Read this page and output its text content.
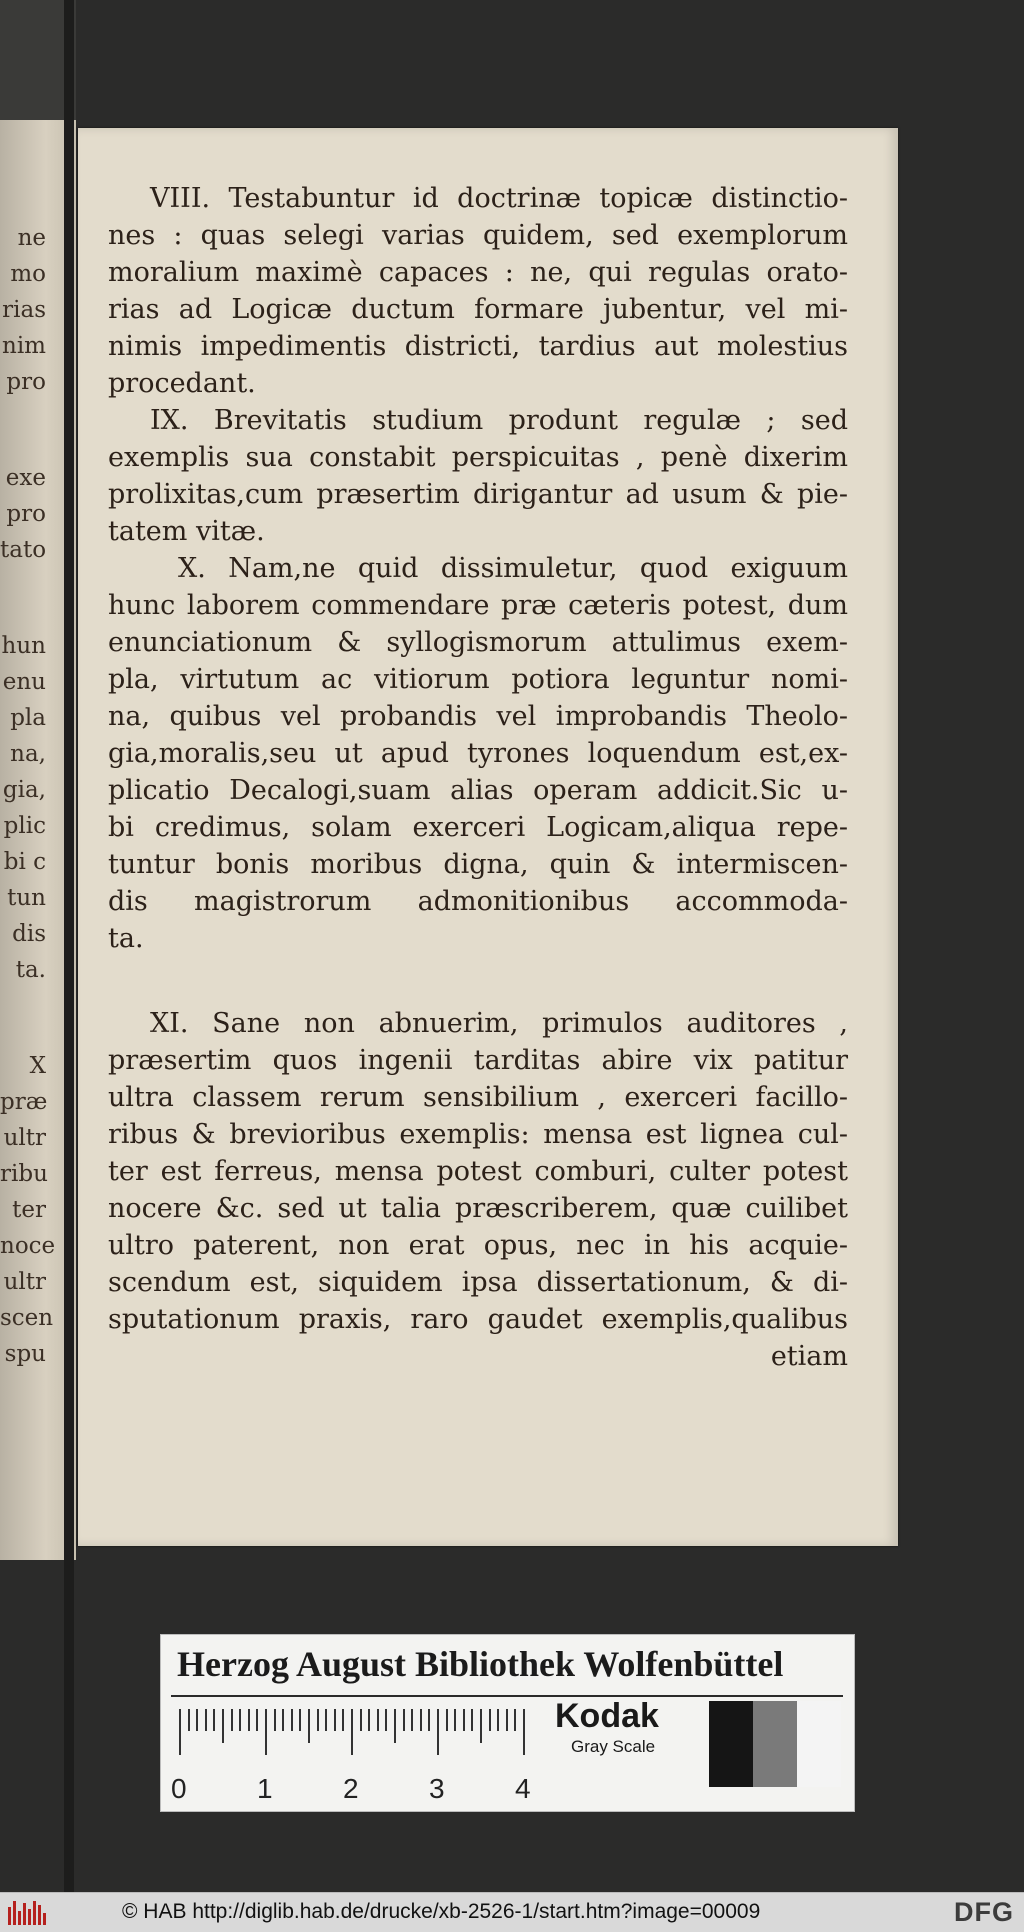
ne
mo
rias
nim
pro
exe
pro
tato
hun
enu
pla
na,
gia,
plic
bi c
tun
dis
ta.
X
præ
ultr
ribu
ter
noce
ultr
scen
spu
VIII. Testabuntur id doctrinæ topicæ distinctio-
nes : quas selegi varias quidem, sed exemplorum
moralium maximè capaces : ne, qui regulas orato-
rias ad Logicæ ductum formare jubentur, vel mi-
nimis impedimentis districti, tardius aut molestius
procedant.
IX. Brevitatis studium produnt regulæ ; sed
exemplis sua constabit perspicuitas , penè dixerim
prolixitas,cum præsertim dirigantur ad usum & pie-
tatem vitæ.
X. Nam,ne quid dissimuletur, quod exiguum
hunc laborem commendare præ cæteris potest, dum
enunciationum & syllogismorum attulimus exem-
pla, virtutum ac vitiorum potiora leguntur nomi-
na, quibus vel probandis vel improbandis Theolo-
gia,moralis,seu ut apud tyrones loquendum est,ex-
plicatio Decalogi,suam alias operam addicit.Sic u-
bi credimus, solam exerceri Logicam,aliqua repe-
tuntur bonis moribus digna, quin & intermiscen-
dis magistrorum admonitionibus accommoda-
ta.
XI. Sane non abnuerim, primulos auditores ,
præsertim quos ingenii tarditas abire vix patitur
ultra classem rerum sensibilium , exerceri facillo-
ribus & brevioribus exemplis: mensa est lignea cul-
ter est ferreus, mensa potest comburi, culter potest
nocere &c. sed ut talia præscriberem, quæ cuilibet
ultro paterent, non erat opus, nec in his acquie-
scendum est, siquidem ipsa dissertationum, & di-
sputationum praxis, raro gaudet exemplis,qualibus
etiam
Herzog August Bibliothek Wolfenbüttel
0	1	2	3	4
Kodak
Gray Scale
© HAB http://diglib.hab.de/drucke/xb-2526-1/start.htm?image=00009	DFG
